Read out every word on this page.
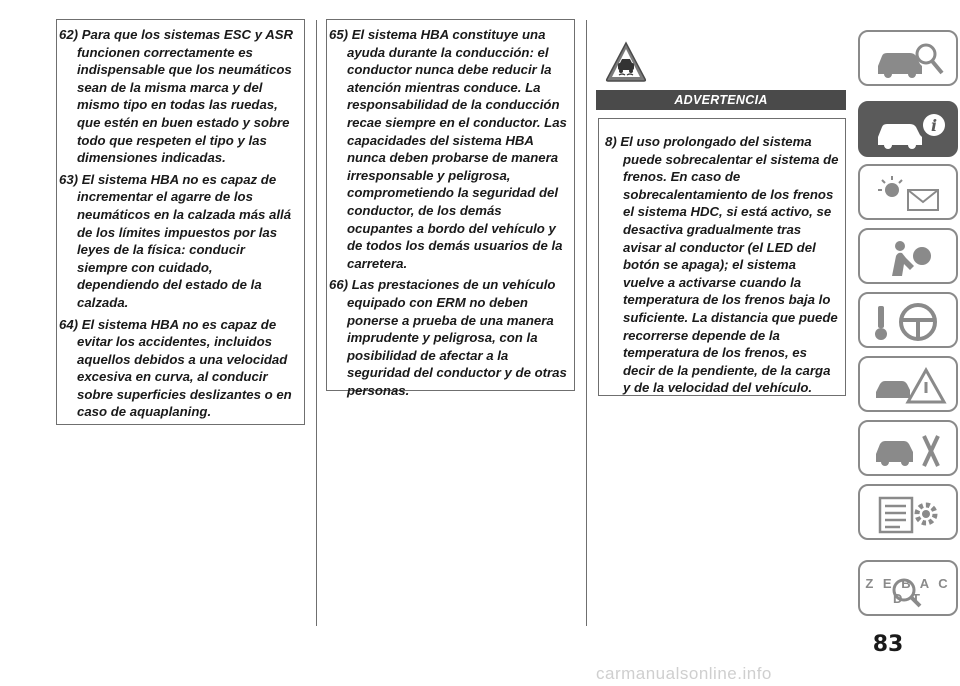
62) Para que los sistemas ESC y ASR funcionen correctamente es indispensable que los neumáticos sean de la misma marca y del mismo tipo en todas las ruedas, que estén en buen estado y sobre todo que respeten el tipo y las dimensiones indicadas.

63) El sistema HBA no es capaz de incrementar el agarre de los neumáticos en la calzada más allá de los límites impuestos por las leyes de la física: conducir siempre con cuidado, dependiendo del estado de la calzada.

64) El sistema HBA no es capaz de evitar los accidentes, incluidos aquellos debidos a una velocidad excesiva en curva, al conducir sobre superficies deslizantes o en caso de aquaplaning.

65) El sistema HBA constituye una ayuda durante la conducción: el conductor nunca debe reducir la atención mientras conduce. La responsabilidad de la conducción recae siempre en el conductor. Las capacidades del sistema HBA nunca deben probarse de manera irresponsable y peligrosa, comprometiendo la seguridad del conductor, de los demás ocupantes a bordo del vehículo y de todos los demás usuarios de la carretera.

66) Las prestaciones de un vehículo equipado con ERM no deben ponerse a prueba de una manera imprudente y peligrosa, con la posibilidad de afectar a la seguridad del conductor y de otras personas.

ADVERTENCIA

8) El uso prolongado del sistema puede sobrecalentar el sistema de frenos. En caso de sobrecalentamiento de los frenos el sistema HDC, si está activo, se desactiva gradualmente tras avisar al conductor (el LED del botón se apaga); el sistema vuelve a activarse cuando la temperatura de los frenos baja lo suficiente. La distancia que puede recorrerse depende de la temperatura de los frenos, es decir de la pendiente, de la carga y de la velocidad del vehículo.

i
Z E B A C D T
83
carmanualsonline.info
